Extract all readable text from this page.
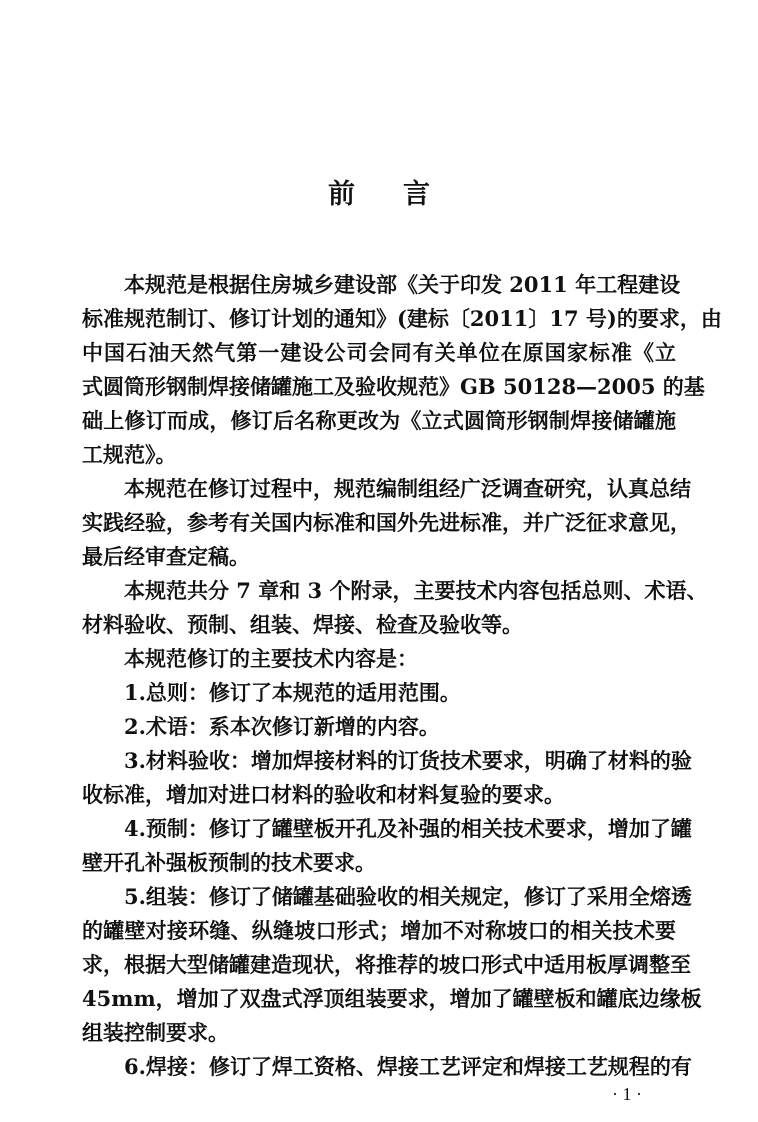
前 言
本规范是根据住房城乡建设部《关于印发 2011 年工程建设
标准规范制订、修订计划的通知》(建标〔2011〕17 号)的要求，由
中国石油天然气第一建设公司会同有关单位在原国家标准《立
式圆筒形钢制焊接储罐施工及验收规范》GB 50128—2005 的基
础上修订而成，修订后名称更改为《立式圆筒形钢制焊接储罐施
工规范》。
本规范在修订过程中，规范编制组经广泛调查研究，认真总结
实践经验，参考有关国内标准和国外先进标准，并广泛征求意见，
最后经审查定稿。
本规范共分 7 章和 3 个附录，主要技术内容包括总则、术语、
材料验收、预制、组装、焊接、检查及验收等。
本规范修订的主要技术内容是：
1.总则：修订了本规范的适用范围。
2.术语：系本次修订新增的内容。
3.材料验收：增加焊接材料的订货技术要求，明确了材料的验
收标准，增加对进口材料的验收和材料复验的要求。
4.预制：修订了罐壁板开孔及补强的相关技术要求，增加了罐
壁开孔补强板预制的技术要求。
5.组装：修订了储罐基础验收的相关规定，修订了采用全熔透
的罐壁对接环缝、纵缝坡口形式；增加不对称坡口的相关技术要
求，根据大型储罐建造现状，将推荐的坡口形式中适用板厚调整至
45mm，增加了双盘式浮顶组装要求，增加了罐壁板和罐底边缘板
组装控制要求。
6.焊接：修订了焊工资格、焊接工艺评定和焊接工艺规程的有
· 1 ·
